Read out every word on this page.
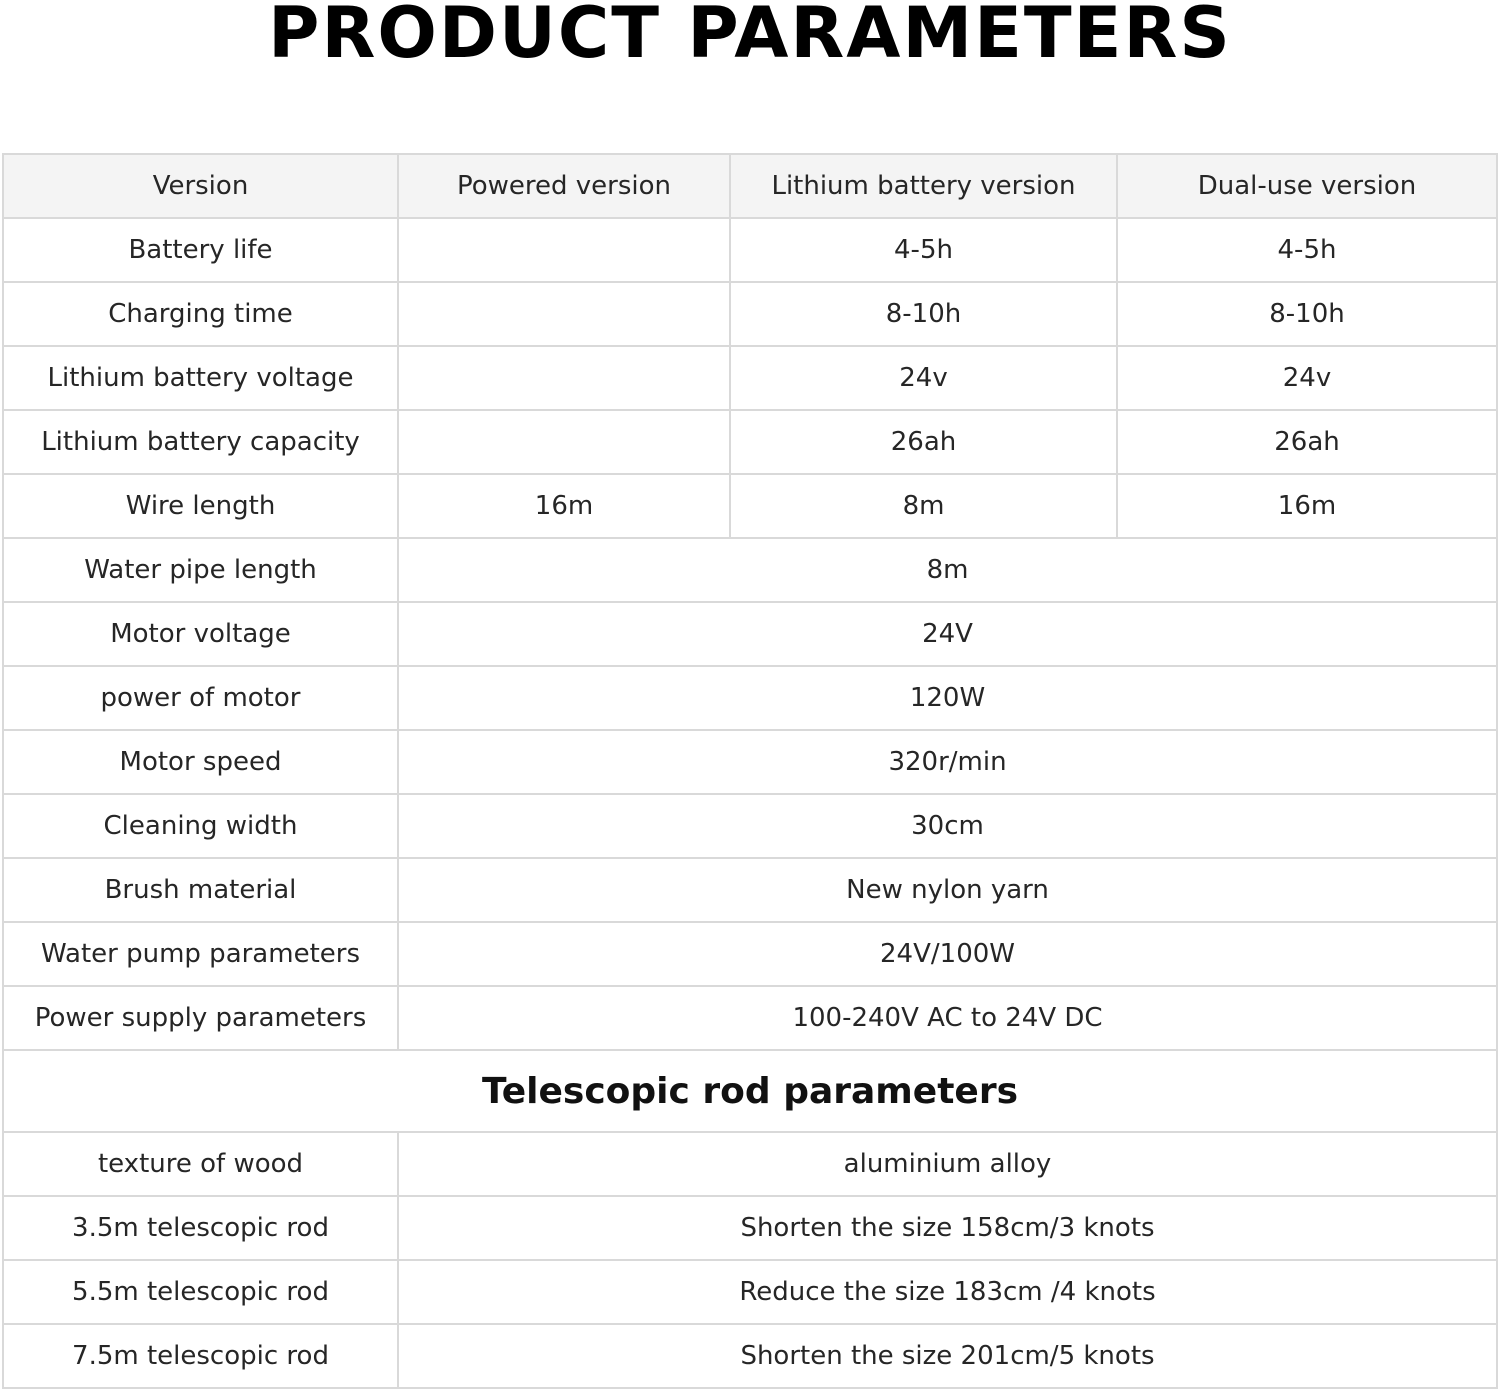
PRODUCT PARAMETERS
Version	Powered version	Lithium battery version	Dual-use version
Battery life		4-5h	4-5h
Charging time		8-10h	8-10h
Lithium battery voltage		24v	24v
Lithium battery capacity		26ah	26ah
Wire length	16m	8m	16m
Water pipe length	8m		
Motor voltage	24V		
power of motor	120W		
Motor speed	320r/min		
Cleaning width	30cm		
Brush material	New nylon yarn		
Water pump parameters	24V/100W		
Power supply parameters	100-240V AC to 24V DC		
Telescopic rod parameters			
texture of wood	aluminium alloy		
3.5m telescopic rod	Shorten the size 158cm/3 knots		
5.5m telescopic rod	Reduce the size 183cm /4 knots		
7.5m telescopic rod	Shorten the size 201cm/5 knots		
